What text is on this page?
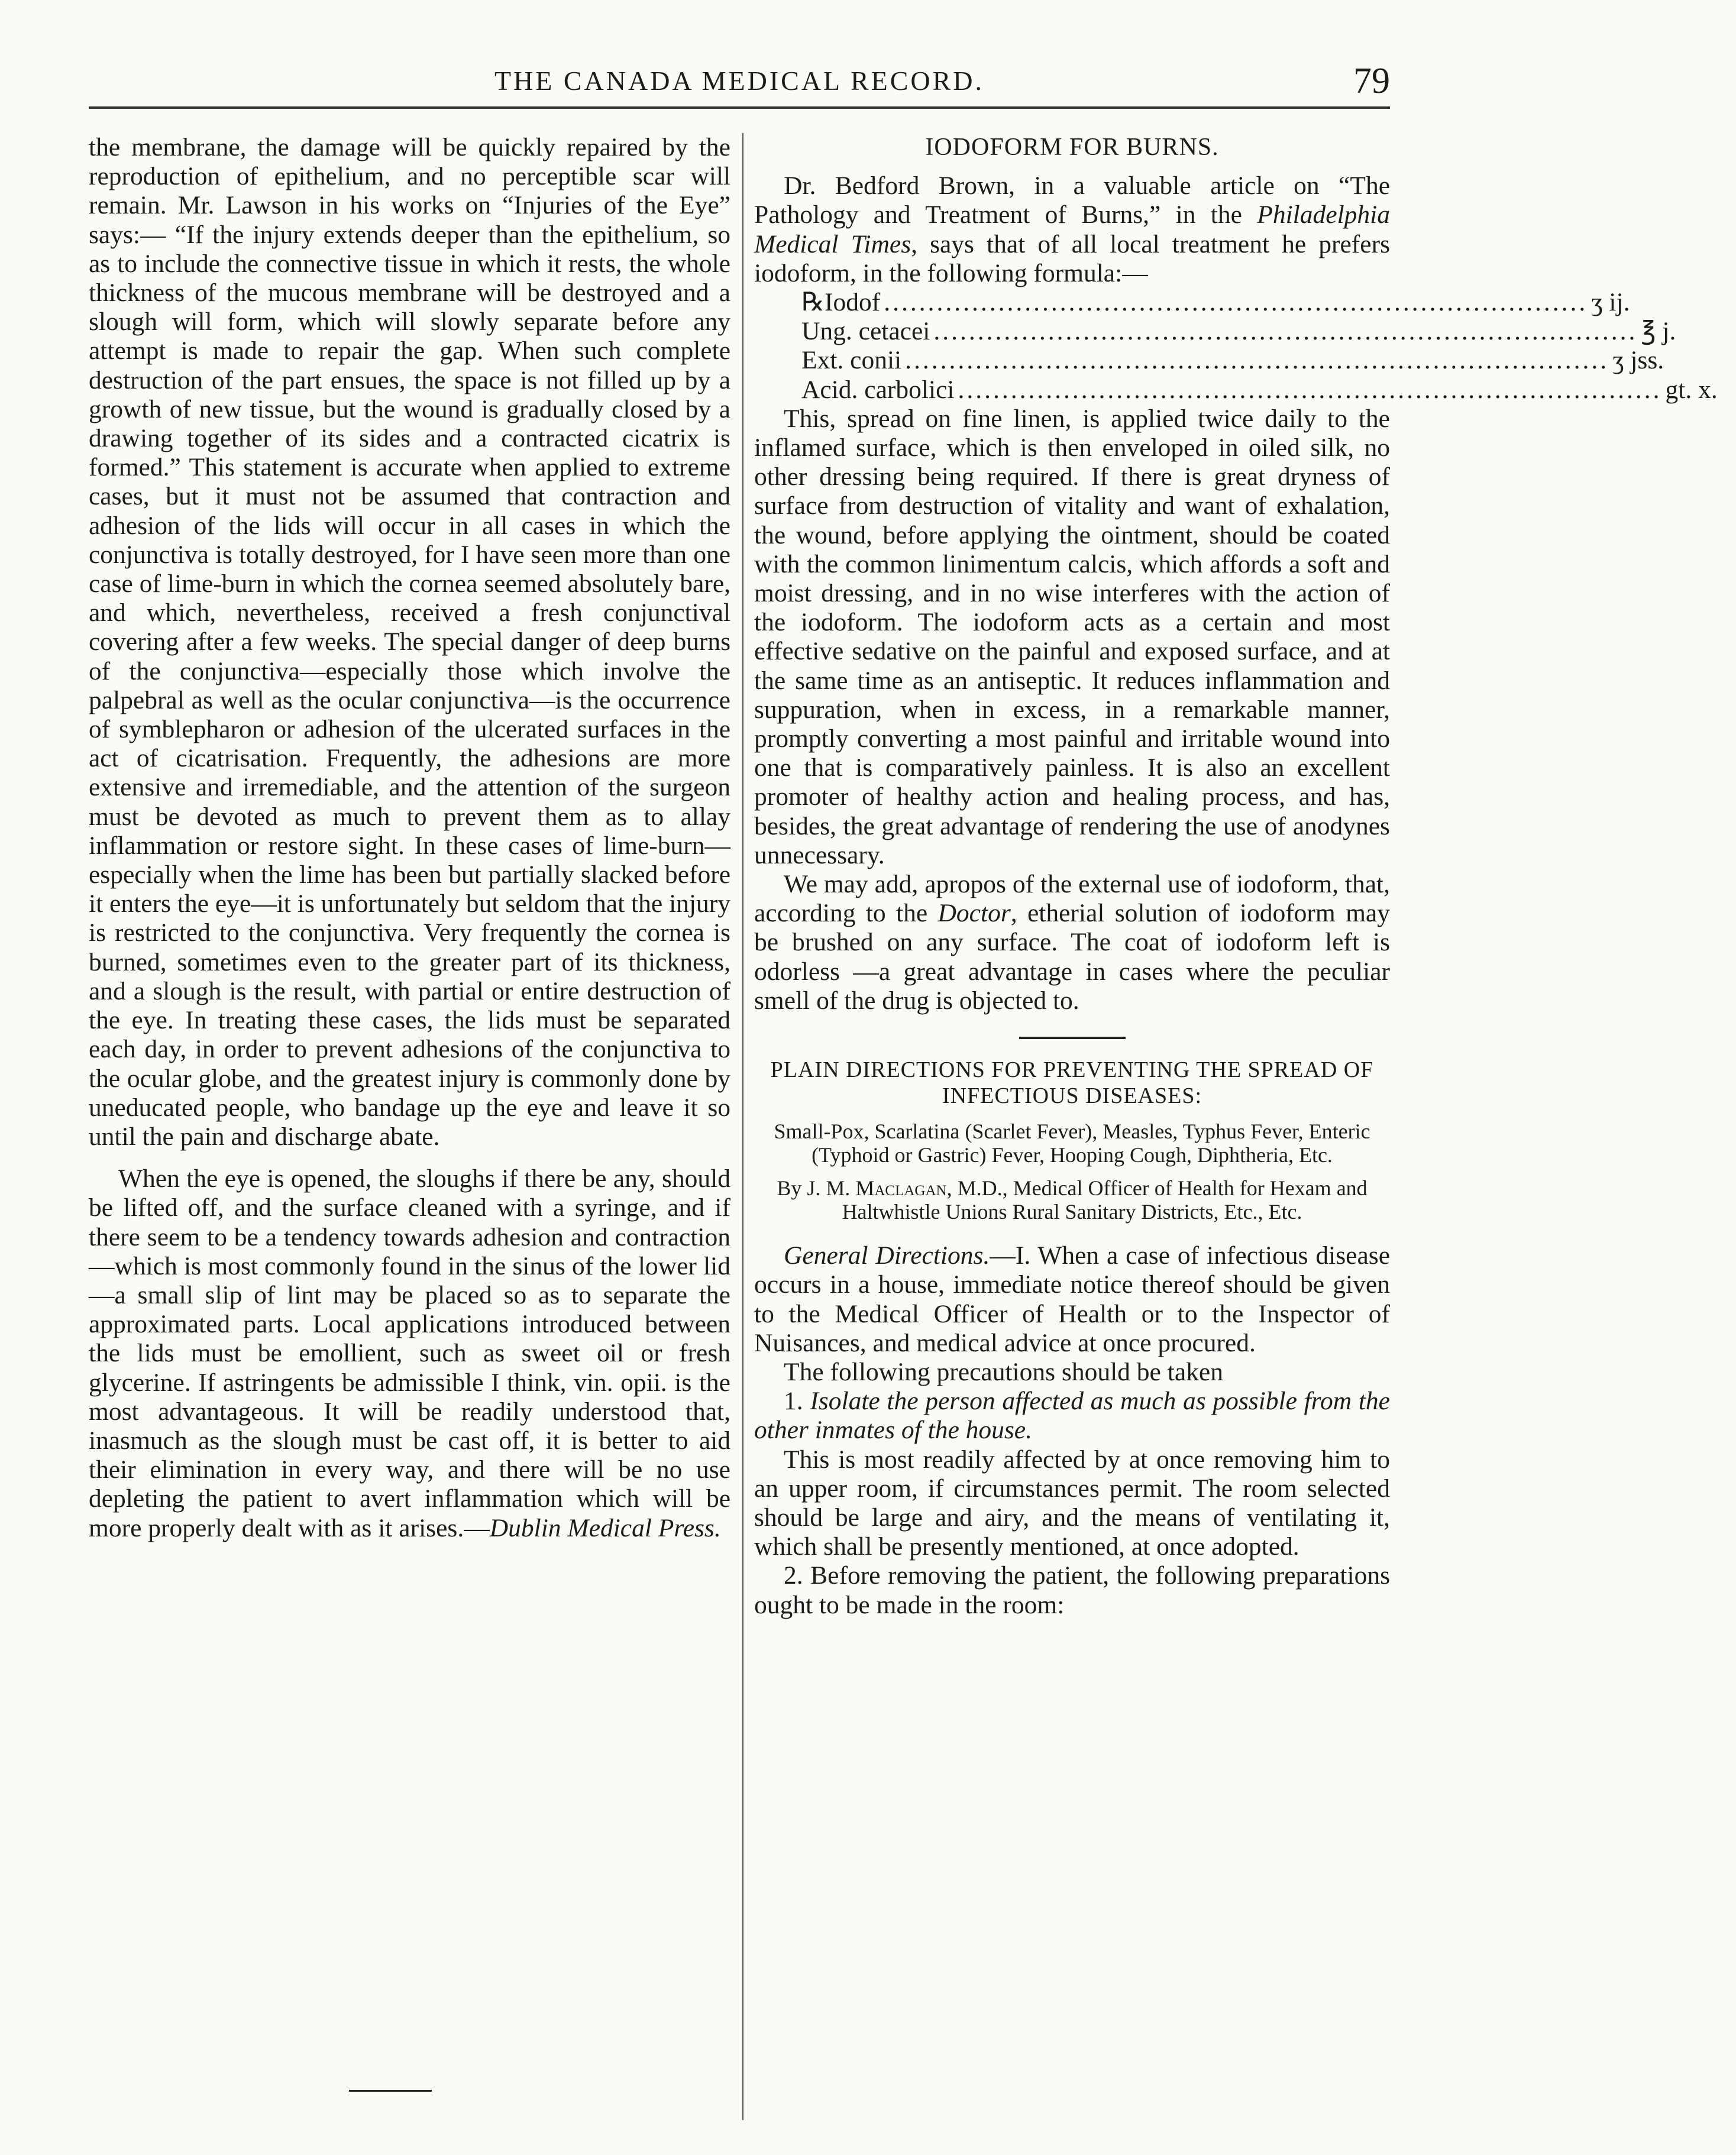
THE CANADA MEDICAL RECORD.	79

the membrane, the damage will be quickly repaired by the reproduction of epithelium, and no perceptible scar will remain. Mr. Lawson in his works on “Injuries of the Eye” says:— “If the injury extends deeper than the epithelium, so as to include the connective tissue in which it rests, the whole thickness of the mucous membrane will be destroyed and a slough will form, which will slowly separate before any attempt is made to repair the gap. When such complete destruction of the part ensues, the space is not filled up by a growth of new tissue, but the wound is gradually closed by a drawing together of its sides and a contracted cicatrix is formed.” This statement is accurate when applied to extreme cases, but it must not be assumed that contraction and adhesion of the lids will occur in all cases in which the conjunctiva is totally destroyed, for I have seen more than one case of lime-burn in which the cornea seemed absolutely bare, and which, nevertheless, received a fresh conjunctival covering after a few weeks. The special danger of deep burns of the conjunctiva—especially those which involve the palpebral as well as the ocular conjunctiva—is the occurrence of symblepharon or adhesion of the ulcerated surfaces in the act of cicatrisation. Frequently, the adhesions are more extensive and irremediable, and the attention of the surgeon must be devoted as much to prevent them as to allay inflammation or restore sight. In these cases of lime-burn—especially when the lime has been but partially slacked before it enters the eye—it is unfortunately but seldom that the injury is restricted to the conjunctiva. Very frequently the cornea is burned, sometimes even to the greater part of its thickness, and a slough is the result, with partial or entire destruction of the eye. In treating these cases, the lids must be separated each day, in order to prevent adhesions of the conjunctiva to the ocular globe, and the greatest injury is commonly done by uneducated people, who bandage up the eye and leave it so until the pain and discharge abate.

When the eye is opened, the sloughs if there be any, should be lifted off, and the surface cleaned with a syringe, and if there seem to be a tendency towards adhesion and contraction —which is most commonly found in the sinus of the lower lid—a small slip of lint may be placed so as to separate the approximated parts. Local applications introduced between the lids must be emollient, such as sweet oil or fresh glycerine. If astringents be admissible I think, vin. opii. is the most advantageous. It will be readily understood that, inasmuch as the slough must be cast off, it is better to aid their elimination in every way, and there will be no use depleting the patient to avert inflammation which will be more properly dealt with as it arises.—Dublin Medical Press.

IODOFORM FOR BURNS.

Dr. Bedford Brown, in a valuable article on “The Pathology and Treatment of Burns,” in the Philadelphia Medical Times, says that of all local treatment he prefers iodoform, in the following formula:—

℞ Iodof ................................................................................ ʒ ij.
Ung. cetacei ................................................................................ ℥ j.
Ext. conii ................................................................................ ʒ jss.
Acid. carbolici ................................................................................ gt. x.

This, spread on fine linen, is applied twice daily to the inflamed surface, which is then enveloped in oiled silk, no other dressing being required. If there is great dryness of surface from destruction of vitality and want of exhalation, the wound, before applying the ointment, should be coated with the common linimentum calcis, which affords a soft and moist dressing, and in no wise interferes with the action of the iodoform. The iodoform acts as a certain and most effective sedative on the painful and exposed surface, and at the same time as an antiseptic. It reduces inflammation and suppuration, when in excess, in a remarkable manner, promptly converting a most painful and irritable wound into one that is comparatively painless. It is also an excellent promoter of healthy action and healing process, and has, besides, the great advantage of rendering the use of anodynes unnecessary.

We may add, apropos of the external use of iodoform, that, according to the Doctor, etherial solution of iodoform may be brushed on any surface. The coat of iodoform left is odorless —a great advantage in cases where the peculiar smell of the drug is objected to.

PLAIN DIRECTIONS FOR PREVENTING THE SPREAD OF INFECTIOUS DISEASES:
Small-Pox, Scarlatina (Scarlet Fever), Measles, Typhus Fever, Enteric (Typhoid or Gastric) Fever, Hooping Cough, Diphtheria, Etc.
By J. M. Maclagan, M.D., Medical Officer of Health for Hexam and Haltwhistle Unions Rural Sanitary Districts, Etc., Etc.

General Directions.—I. When a case of infectious disease occurs in a house, immediate notice thereof should be given to the Medical Officer of Health or to the Inspector of Nuisances, and medical advice at once procured.

The following precautions should be taken

1. Isolate the person affected as much as possible from the other inmates of the house.

This is most readily affected by at once removing him to an upper room, if circumstances permit. The room selected should be large and airy, and the means of ventilating it, which shall be presently mentioned, at once adopted.

2. Before removing the patient, the following preparations ought to be made in the room:
